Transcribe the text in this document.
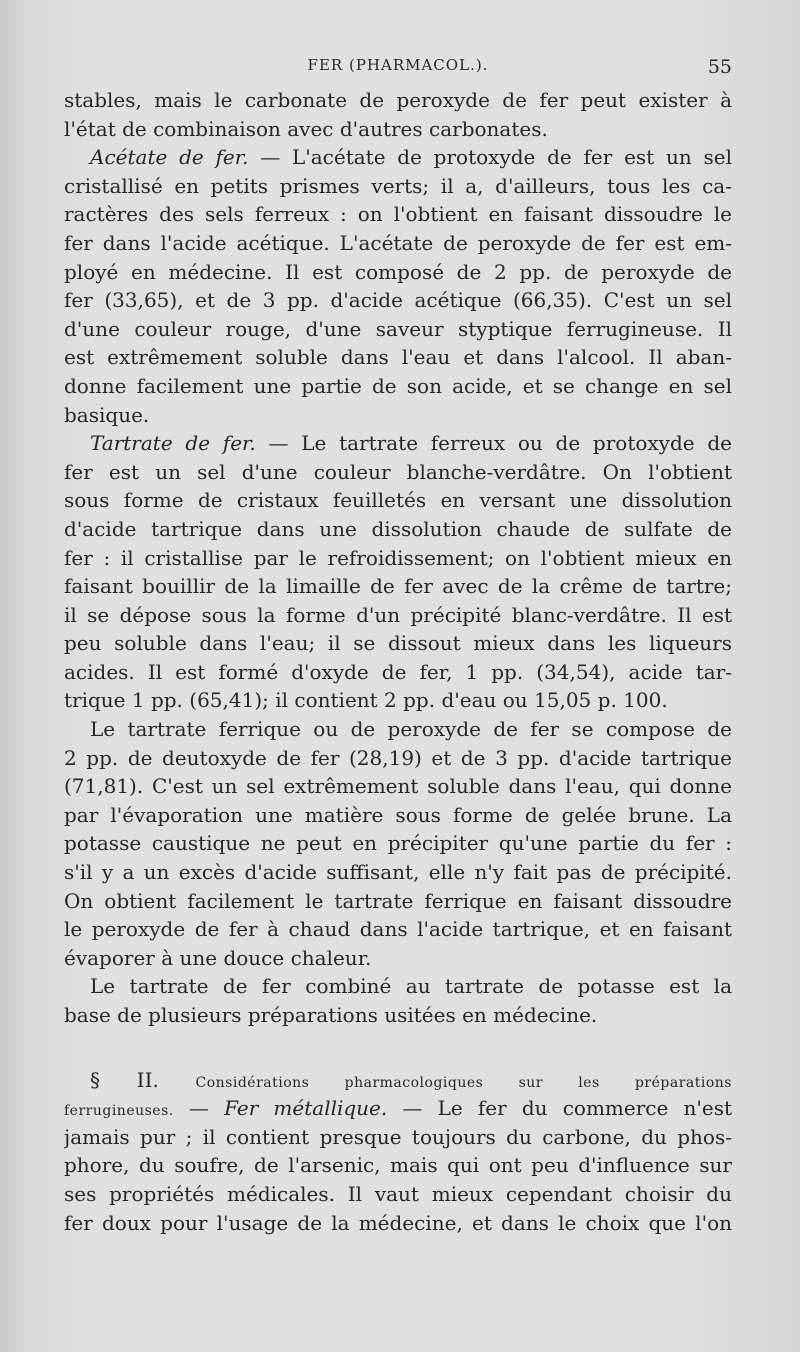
FER (PHARMACOL.).	55
stables, mais le carbonate de peroxyde de fer peut exister à
l'état de combinaison avec d'autres carbonates.
Acétate de fer. — L'acétate de protoxyde de fer est un sel
cristallisé en petits prismes verts; il a, d'ailleurs, tous les ca-
ractères des sels ferreux : on l'obtient en faisant dissoudre le
fer dans l'acide acétique. L'acétate de peroxyde de fer est em-
ployé en médecine. Il est composé de 2 pp. de peroxyde de
fer (33,65), et de 3 pp. d'acide acétique (66,35). C'est un sel
d'une couleur rouge, d'une saveur styptique ferrugineuse. Il
est extrêmement soluble dans l'eau et dans l'alcool. Il aban-
donne facilement une partie de son acide, et se change en sel
basique.
Tartrate de fer. — Le tartrate ferreux ou de protoxyde de
fer est un sel d'une couleur blanche-verdâtre. On l'obtient
sous forme de cristaux feuilletés en versant une dissolution
d'acide tartrique dans une dissolution chaude de sulfate de
fer : il cristallise par le refroidissement; on l'obtient mieux en
faisant bouillir de la limaille de fer avec de la crême de tartre;
il se dépose sous la forme d'un précipité blanc-verdâtre. Il est
peu soluble dans l'eau; il se dissout mieux dans les liqueurs
acides. Il est formé d'oxyde de fer, 1 pp. (34,54), acide tar-
trique 1 pp. (65,41); il contient 2 pp. d'eau ou 15,05 p. 100.
Le tartrate ferrique ou de peroxyde de fer se compose de
2 pp. de deutoxyde de fer (28,19) et de 3 pp. d'acide tartrique
(71,81). C'est un sel extrêmement soluble dans l'eau, qui donne
par l'évaporation une matière sous forme de gelée brune. La
potasse caustique ne peut en précipiter qu'une partie du fer :
s'il y a un excès d'acide suffisant, elle n'y fait pas de précipité.
On obtient facilement le tartrate ferrique en faisant dissoudre
le peroxyde de fer à chaud dans l'acide tartrique, et en faisant
évaporer à une douce chaleur.
Le tartrate de fer combiné au tartrate de potasse est la
base de plusieurs préparations usitées en médecine.
§ II. Considérations pharmacologiques sur les préparations
ferrugineuses. — Fer métallique. — Le fer du commerce n'est
jamais pur ; il contient presque toujours du carbone, du phos-
phore, du soufre, de l'arsenic, mais qui ont peu d'influence sur
ses propriétés médicales. Il vaut mieux cependant choisir du
fer doux pour l'usage de la médecine, et dans le choix que l'on
